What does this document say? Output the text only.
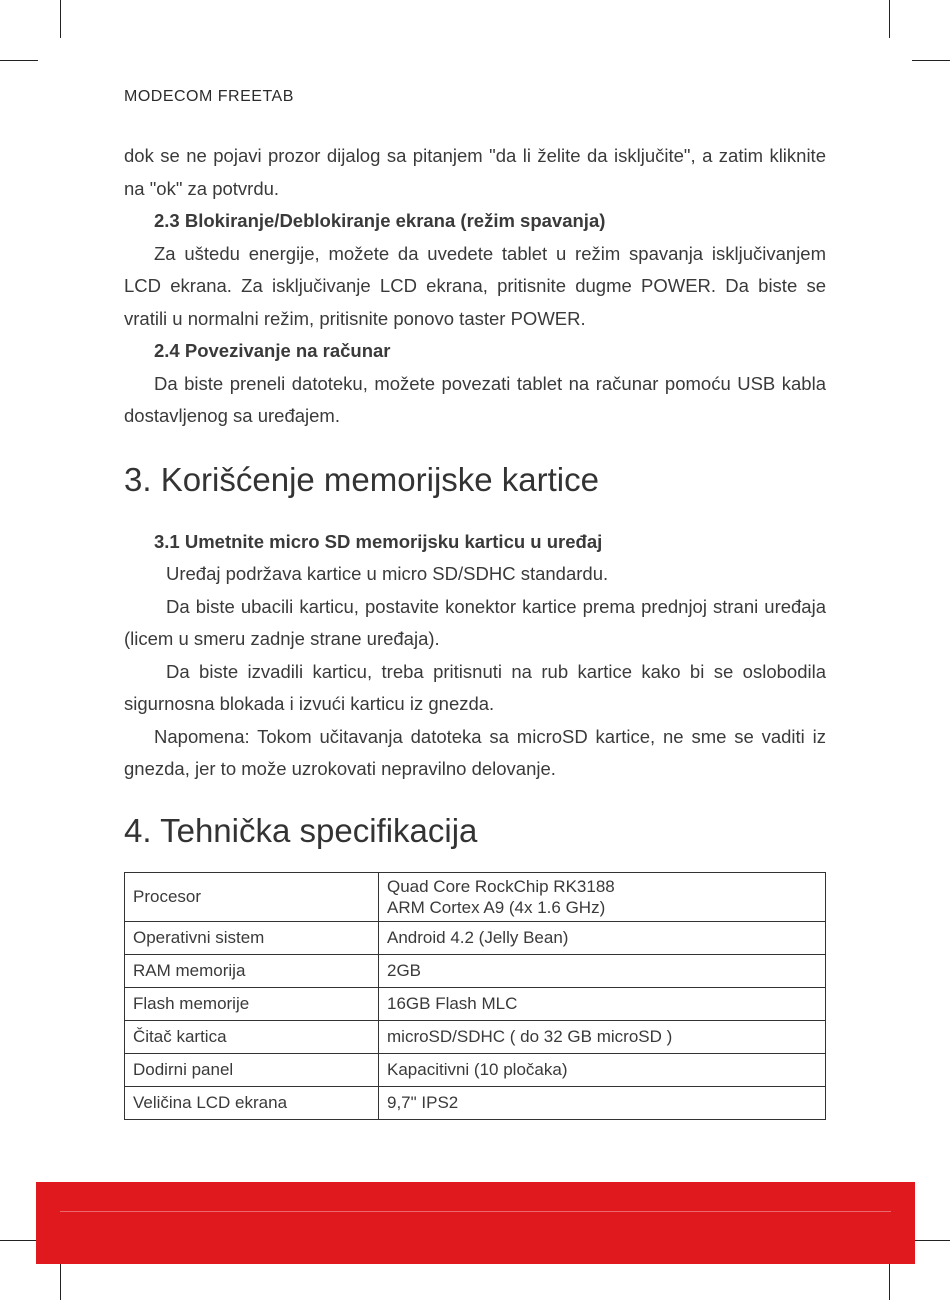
MODECOM FREETAB

dok se ne pojavi prozor dijalog sa pitanjem "da li želite da isključite", a zatim kliknite na "ok" za potvrdu.

2.3 Blokiranje/Deblokiranje ekrana (režim spavanja)

Za uštedu energije, možete da uvedete tablet u režim spavanja isključivanjem LCD ekrana. Za isključivanje LCD ekrana, pritisnite dugme POWER. Da biste se vratili u normalni režim, pritisnite ponovo taster POWER.

2.4 Povezivanje na računar

Da biste preneli datoteku, možete povezati tablet na računar pomoću USB kabla dostavljenog sa uređajem.

3. Korišćenje memorijske kartice
3.1 Umetnite micro SD memorijsku karticu u uređaj

Uređaj podržava kartice u micro SD/SDHC standardu.

Da biste ubacili karticu, postavite konektor kartice prema prednjoj strani uređaja (licem u smeru zadnje strane uređaja).

Da biste izvadili karticu, treba pritisnuti na rub kartice kako bi se oslobodila sigurnosna blokada i izvući karticu iz gnezda.

Napomena: Tokom učitavanja datoteka sa microSD kartice, ne sme se vaditi iz gnezda, jer to može uzrokovati nepravilno delovanje.

4. Tehnička specifikacija
Procesor	Quad Core RockChip RK3188
ARM Cortex A9 (4x 1.6 GHz)

Operativni sistem	Android 4.2 (Jelly Bean)
RAM memorija	2GB
Flash memorije	16GB Flash MLC
Čitač kartica	microSD/SDHC ( do 32 GB microSD )
Dodirni panel	Kapacitivni (10 pločaka)
Veličina LCD ekrana	9,7" IPS2
